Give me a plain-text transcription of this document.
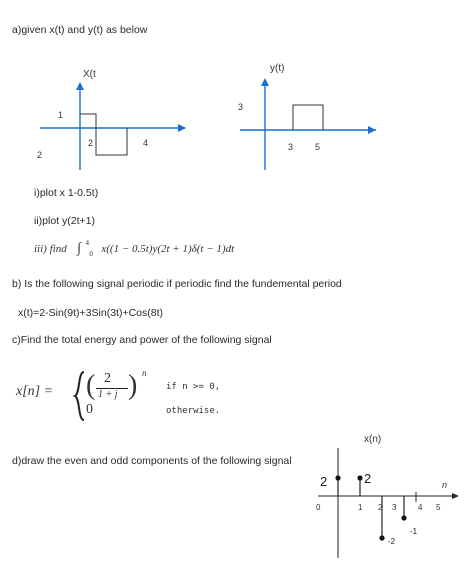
a)given x(t) and y(t) as below
X(t
1
2	4
2
y(t)
3
3 5
i)plot x 1-0.5t)
ii)plot y(2t+1)
iii) find ∫ $^4$ $_0$ x((1 − 0.5t)y(2t + 1)δ(t − 1)dt
b) Is the following signal periodic if periodic find the fundemental period
x(t)=2-Sin(9t)+3Sin(3t)+Cos(8t)
c)Find the total energy and power of the following signal
x[n] = ( 2
1 + j ) n
0
if n >= 0,
otherwise.
d)draw the even and odd components of the following signal
x(n)
n
2	2
-2
-1
0	1 2 3	4 5
